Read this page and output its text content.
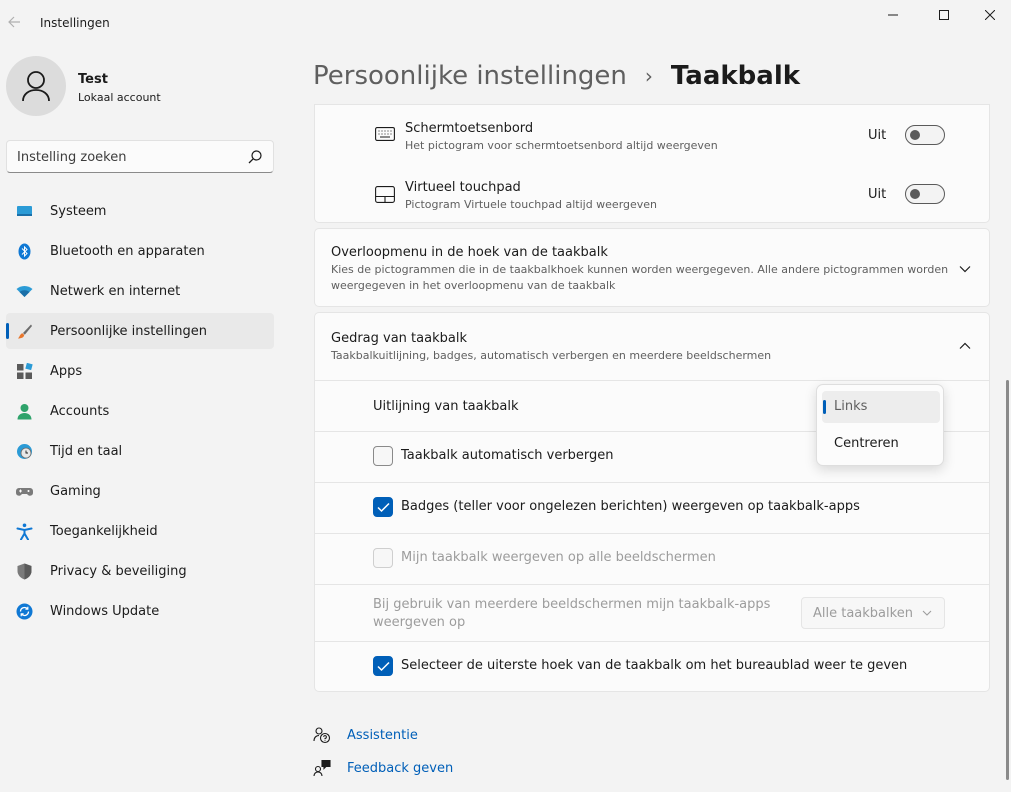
Instellingen
Test
Lokaal account
Instelling zoeken
Systeem
Bluetooth en apparaten
Netwerk en internet
Persoonlijke instellingen
Apps
Accounts
Tijd en taal
Gaming
Toegankelijkheid
Privacy & beveiliging
Windows Update
Persoonlijke instellingen › Taakbalk
Schermtoetsenbord
Het pictogram voor schermtoetsenbord altijd weergeven
Uit
Virtueel touchpad
Pictogram Virtuele touchpad altijd weergeven
Uit
Overloopmenu in de hoek van de taakbalk
Kies de pictogrammen die in de taakbalkhoek kunnen worden weergegeven. Alle andere pictogrammen worden
weergegeven in het overloopmenu van de taakbalk
Gedrag van taakbalk
Taakbalkuitlijning, badges, automatisch verbergen en meerdere beeldschermen
Uitlijning van taakbalk
Taakbalk automatisch verbergen
Badges (teller voor ongelezen berichten) weergeven op taakbalk-apps
Mijn taakbalk weergeven op alle beeldschermen
Bij gebruik van meerdere beeldschermen mijn taakbalk-apps
weergeven op
Alle taakbalken
Selecteer de uiterste hoek van de taakbalk om het bureaublad weer te geven
Links
Centreren
Assistentie
Feedback geven
